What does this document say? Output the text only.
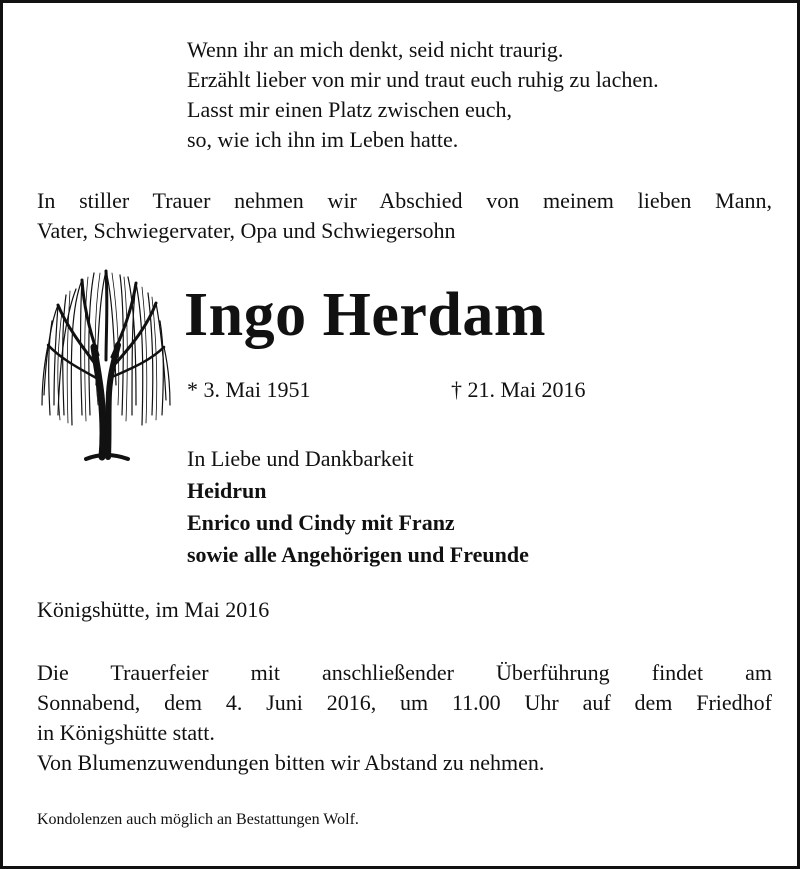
Wenn ihr an mich denkt, seid nicht traurig.
Erzählt lieber von mir und traut euch ruhig zu lachen.
Lasst mir einen Platz zwischen euch,
so, wie ich ihn im Leben hatte.
In stiller Trauer nehmen wir Abschied von meinem lieben Mann,
Vater, Schwiegervater, Opa und Schwiegersohn
Ingo Herdam
* 3. Mai 1951	† 21. Mai 2016
In Liebe und Dankbarkeit
Heidrun
Enrico und Cindy mit Franz
sowie alle Angehörigen und Freunde
Königshütte, im Mai 2016
Die Trauerfeier mit anschließender Überführung findet am
Sonnabend, dem 4. Juni 2016, um 11.00 Uhr auf dem Friedhof
in Königshütte statt.
Von Blumenzuwendungen bitten wir Abstand zu nehmen.
Kondolenzen auch möglich an Bestattungen Wolf.
